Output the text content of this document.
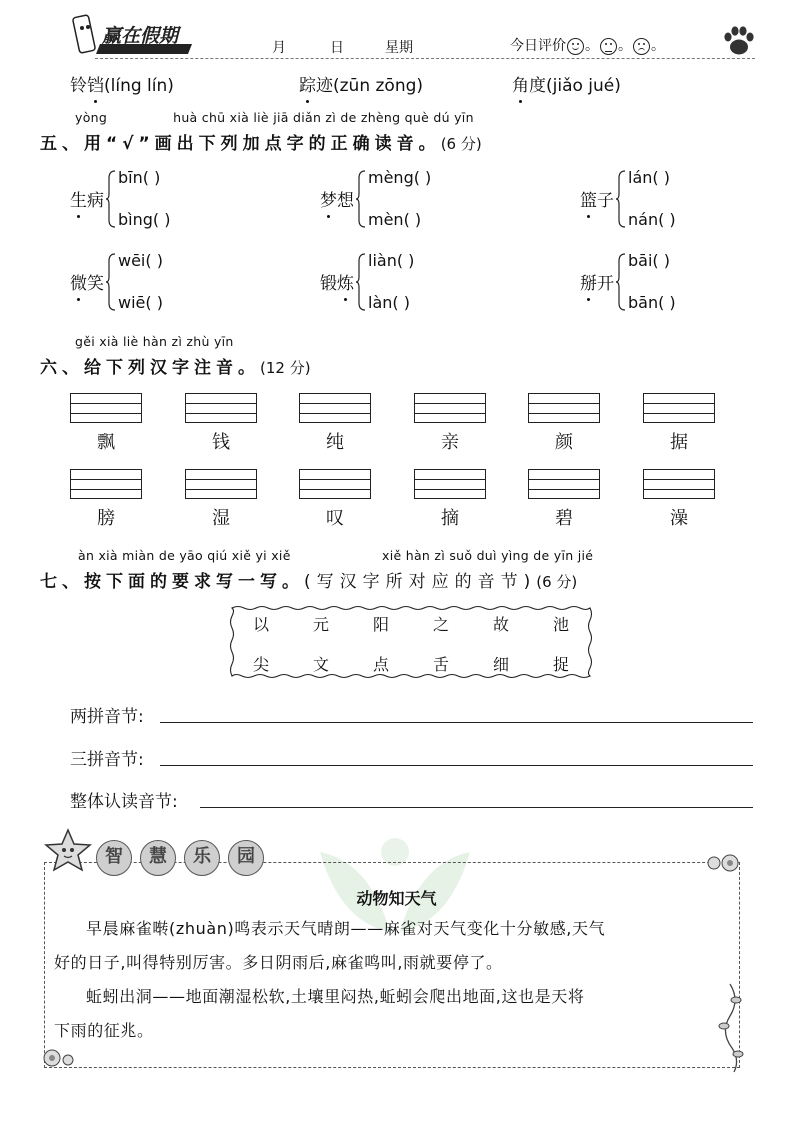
赢在假期
月	日	星期	今日评价 。 。 。
铃铛(líng lín)	踪迹(zūn zōng)	角度(jiǎo jué)
yòng	huà chū xià liè jiā diǎn zì de zhèng què dú yīn
五、用“√”画出下列加点字的正确读音。(6 分)
生病
bīn( )
bìng( )
梦想
mèng( )
mèn( )
篮子
lán( )
nán( )
微笑
wēi( )
wiē( )
锻炼
liàn( )
làn( )
掰开
bāi( )
bān( )
gěi xià liè hàn zì zhù yīn
六、给下列汉字注音。(12 分)
飘	钱	纯	亲	颜	据
膀	湿	叹	摘	碧	澡
àn xià miàn de yāo qiú xiě yi xiě	xiě hàn zì suǒ duì yìng de yīn jié
七、按下面的要求写一写。(写汉字所对应的音节)(6 分)
以	元	阳	之	故	池
尖	文	点	舌	细	捉
两拼音节:
三拼音节:
整体认读音节:
智	慧	乐	园
动物知天气
早晨麻雀啭(zhuàn)鸣表示天气晴朗——麻雀对天气变化十分敏感,天气
好的日子,叫得特别厉害。多日阴雨后,麻雀鸣叫,雨就要停了。
蚯蚓出洞——地面潮湿松软,土壤里闷热,蚯蚓会爬出地面,这也是天将
下雨的征兆。
